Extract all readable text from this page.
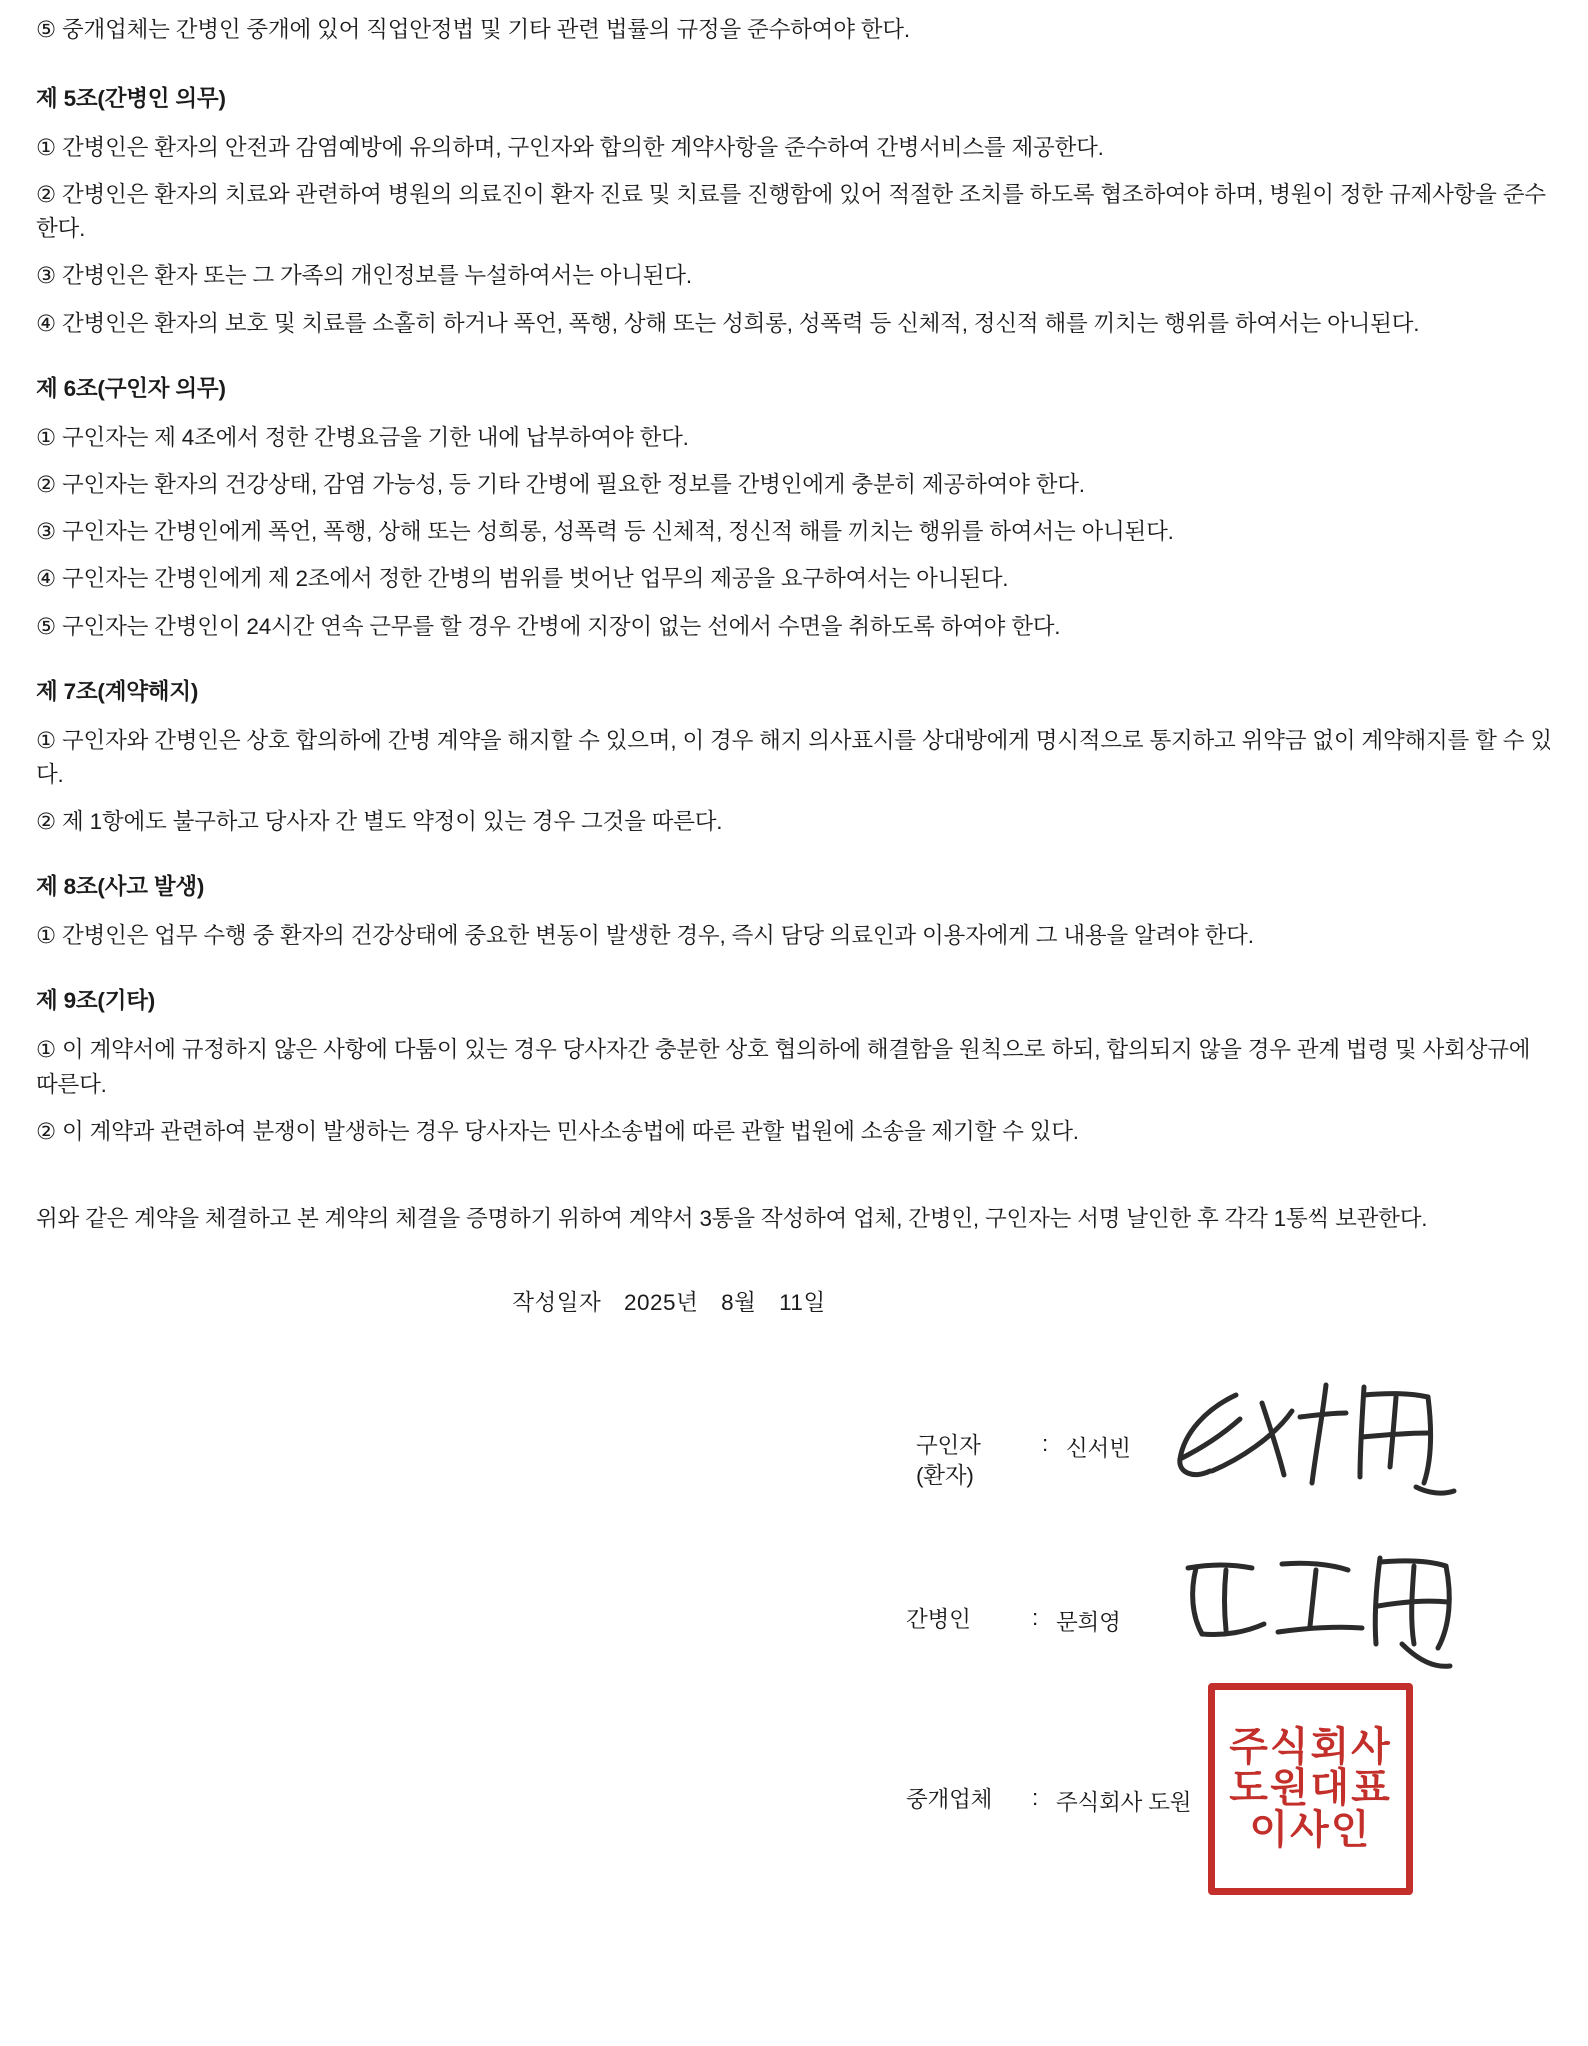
⑤ 중개업체는 간병인 중개에 있어 직업안정법 및 기타 관련 법률의 규정을 준수하여야 한다.

제 5조(간병인 의무)

① 간병인은 환자의 안전과 감염예방에 유의하며, 구인자와 합의한 계약사항을 준수하여 간병서비스를 제공한다.

② 간병인은 환자의 치료와 관련하여 병원의 의료진이 환자 진료 및 치료를 진행함에 있어 적절한 조치를 하도록 협조하여야 하며, 병원이 정한 규제사항을 준수한다.

③ 간병인은 환자 또는 그 가족의 개인정보를 누설하여서는 아니된다.

④ 간병인은 환자의 보호 및 치료를 소홀히 하거나 폭언, 폭행, 상해 또는 성희롱, 성폭력 등 신체적, 정신적 해를 끼치는 행위를 하여서는 아니된다.

제 6조(구인자 의무)

① 구인자는 제 4조에서 정한 간병요금을 기한 내에 납부하여야 한다.

② 구인자는 환자의 건강상태, 감염 가능성, 등 기타 간병에 필요한 정보를 간병인에게 충분히 제공하여야 한다.

③ 구인자는 간병인에게 폭언, 폭행, 상해 또는 성희롱, 성폭력 등 신체적, 정신적 해를 끼치는 행위를 하여서는 아니된다.

④ 구인자는 간병인에게 제 2조에서 정한 간병의 범위를 벗어난 업무의 제공을 요구하여서는 아니된다.

⑤ 구인자는 간병인이 24시간 연속 근무를 할 경우 간병에 지장이 없는 선에서 수면을 취하도록 하여야 한다.

제 7조(계약해지)

① 구인자와 간병인은 상호 합의하에 간병 계약을 해지할 수 있으며, 이 경우 해지 의사표시를 상대방에게 명시적으로 통지하고 위약금 없이 계약해지를 할 수 있다.

② 제 1항에도 불구하고 당사자 간 별도 약정이 있는 경우 그것을 따른다.

제 8조(사고 발생)

① 간병인은 업무 수행 중 환자의 건강상태에 중요한 변동이 발생한 경우, 즉시 담당 의료인과 이용자에게 그 내용을 알려야 한다.

제 9조(기타)

① 이 계약서에 규정하지 않은 사항에 다툼이 있는 경우 당사자간 충분한 상호 협의하에 해결함을 원칙으로 하되, 합의되지 않을 경우 관계 법령 및 사회상규에 따른다.

② 이 계약과 관련하여 분쟁이 발생하는 경우 당사자는 민사소송법에 따른 관할 법원에 소송을 제기할 수 있다.

위와 같은 계약을 체결하고 본 계약의 체결을 증명하기 위하여 계약서 3통을 작성하여 업체, 간병인, 구인자는 서명 날인한 후 각각 1통씩 보관한다.

작성일자 2025년 8월 11일
구인자
(환자)
: 신서빈
간병인	: 문희영
중개업체	: 주식회사 도원
주식회사
도원대표
이사인
